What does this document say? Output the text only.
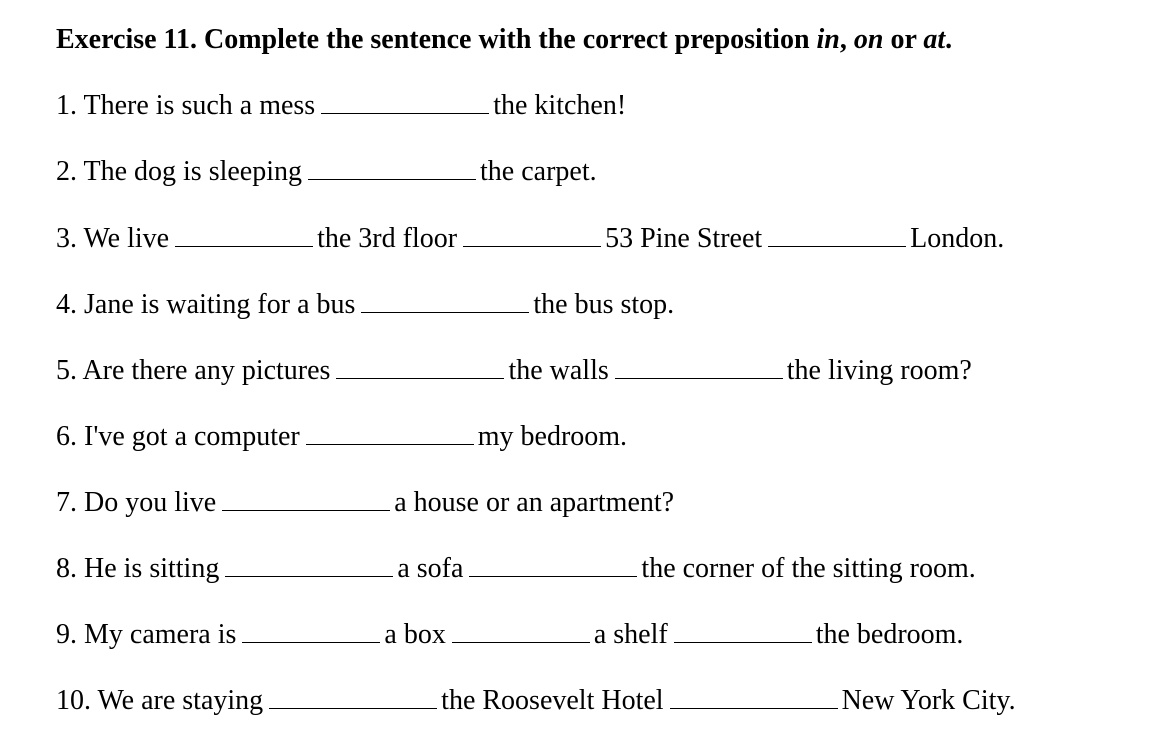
Exercise 11. Complete the sentence with the correct preposition in, on or at.
1. There is such a mess	the kitchen!
2. The dog is sleeping	the carpet.
3. We live	the 3rd floor	53 Pine Street	London.
4. Jane is waiting for a bus	the bus stop.
5. Are there any pictures	the walls	the living room?
6. I've got a computer	my bedroom.
7. Do you live	a house or an apartment?
8. He is sitting	a sofa	the corner of the sitting room.
9. My camera is	a box	a shelf	the bedroom.
10. We are staying	the Roosevelt Hotel	New York City.
